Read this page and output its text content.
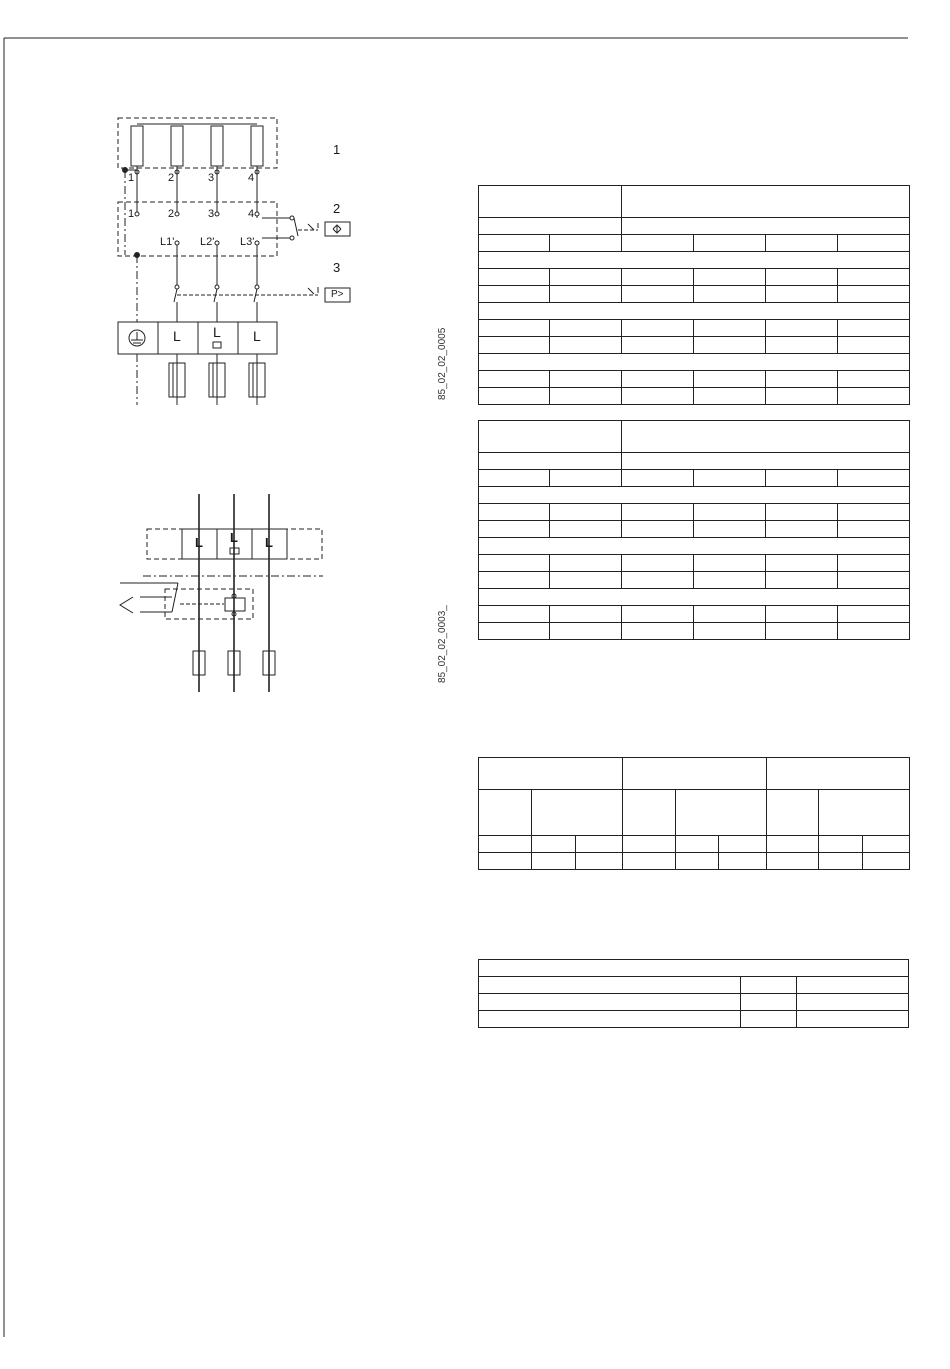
1
2
3
1	2	3	4
1	2	3	4
L1' L2' L3'
P>
L L L
L L L
85_02_02_0005
85_02_02_0003_
